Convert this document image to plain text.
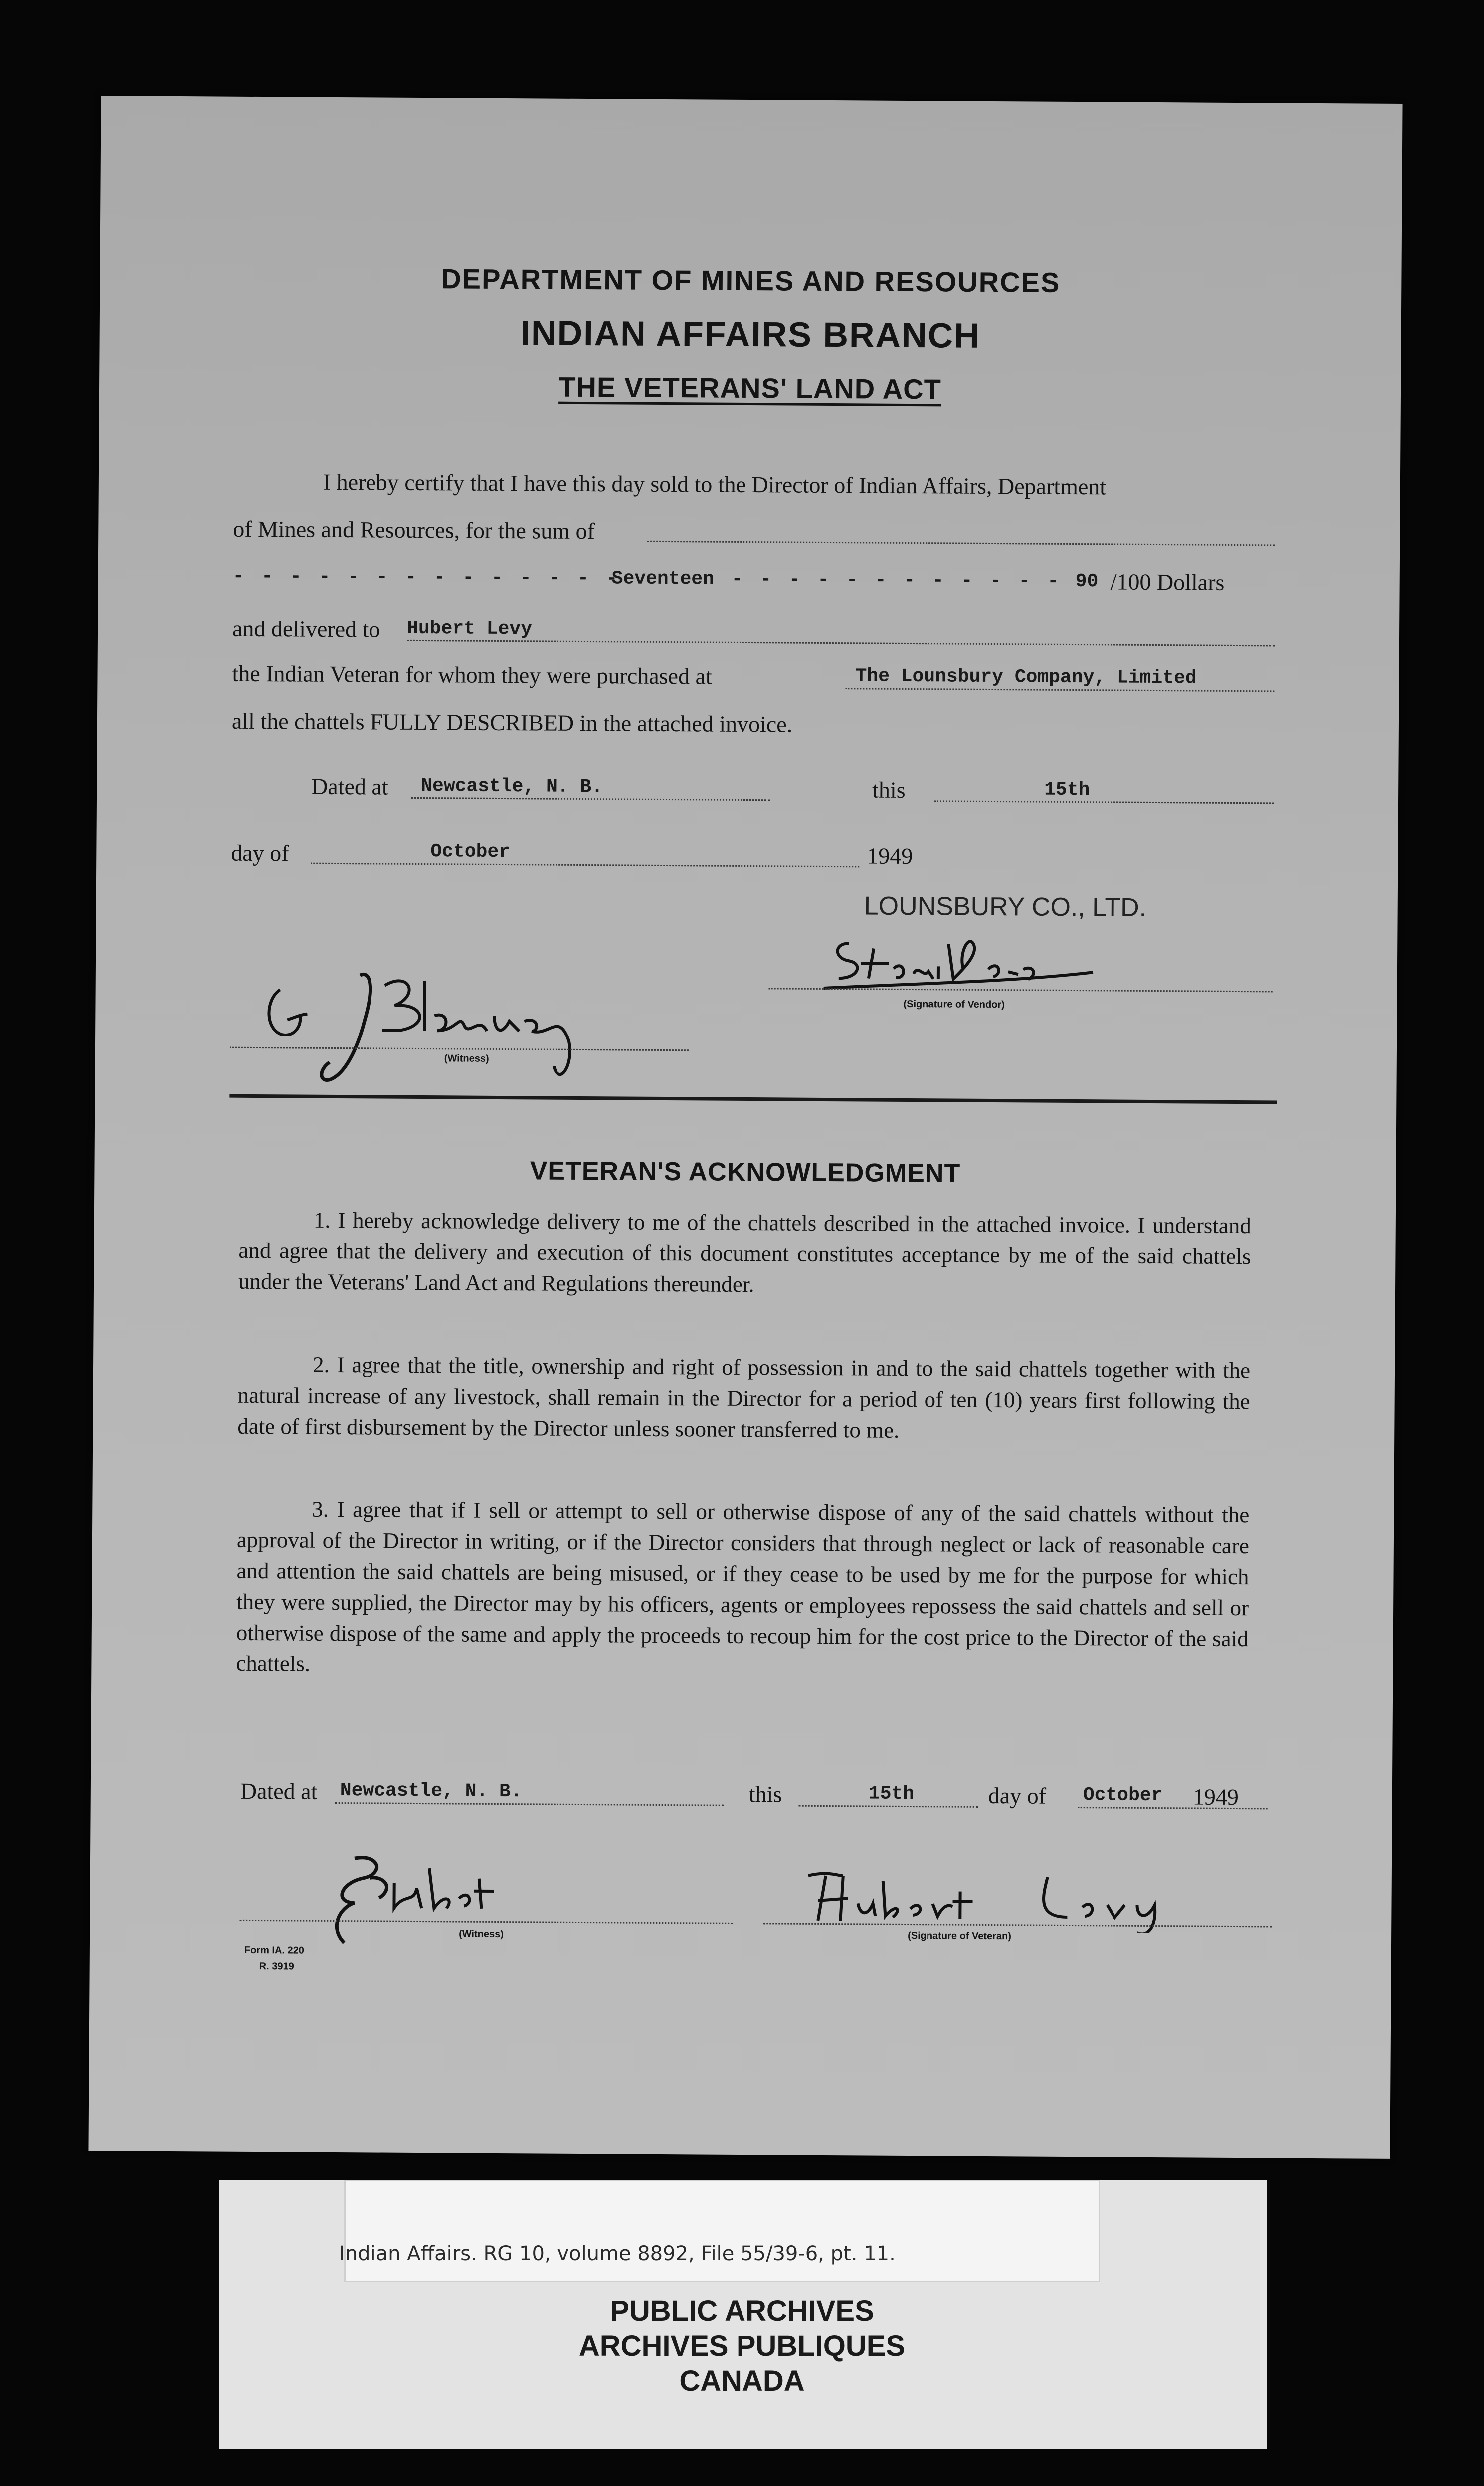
DEPARTMENT OF MINES AND RESOURCES
INDIAN AFFAIRS BRANCH
THE VETERANS' LAND ACT
I hereby certify that I have this day sold to the Director of Indian Affairs, Department
of Mines and Resources, for the sum of
- - - - - - - - - - - - - -
Seventeen - - - - - - - - - - - - 90 /100 Dollars
and delivered to Hubert Levy
the Indian Veteran for whom they were purchased at	The Lounsbury Company, Limited
all the chattels FULLY DESCRIBED in the attached invoice.
Dated at Newcastle, N. B.	this	15th
day of	October	1949
LOUNSBURY CO., LTD.
(Witness)
(Signature of Vendor)
VETERAN'S ACKNOWLEDGMENT
1. I hereby acknowledge delivery to me of the chattels described in the attached invoice. I understand and agree that the delivery and execution of this document constitutes acceptance by me of the said chattels under the Veterans' Land Act and Regulations thereunder.
2. I agree that the title, ownership and right of possession in and to the said chattels together with the natural increase of any livestock, shall remain in the Director for a period of ten (10) years first following the date of first disbursement by the Director unless sooner transferred to me.
3. I agree that if I sell or attempt to sell or otherwise dispose of any of the said chattels without the approval of the Director in writing, or if the Director considers that through neglect or lack of reasonable care and attention the said chattels are being misused, or if they cease to be used by me for the purpose for which they were supplied, the Director may by his officers, agents or employees repossess the said chattels and sell or otherwise dispose of the same and apply the proceeds to recoup him for the cost price to the Director of the said chattels.
Dated at Newcastle, N. B.	this	15th	day of October 1949
(Witness)	(Signature of Veteran)
Form IA. 220
R. 3919
Indian Affairs. RG 10, volume 8892, File 55/39-6, pt. 11.
PUBLIC ARCHIVES
ARCHIVES PUBLIQUES
CANADA
